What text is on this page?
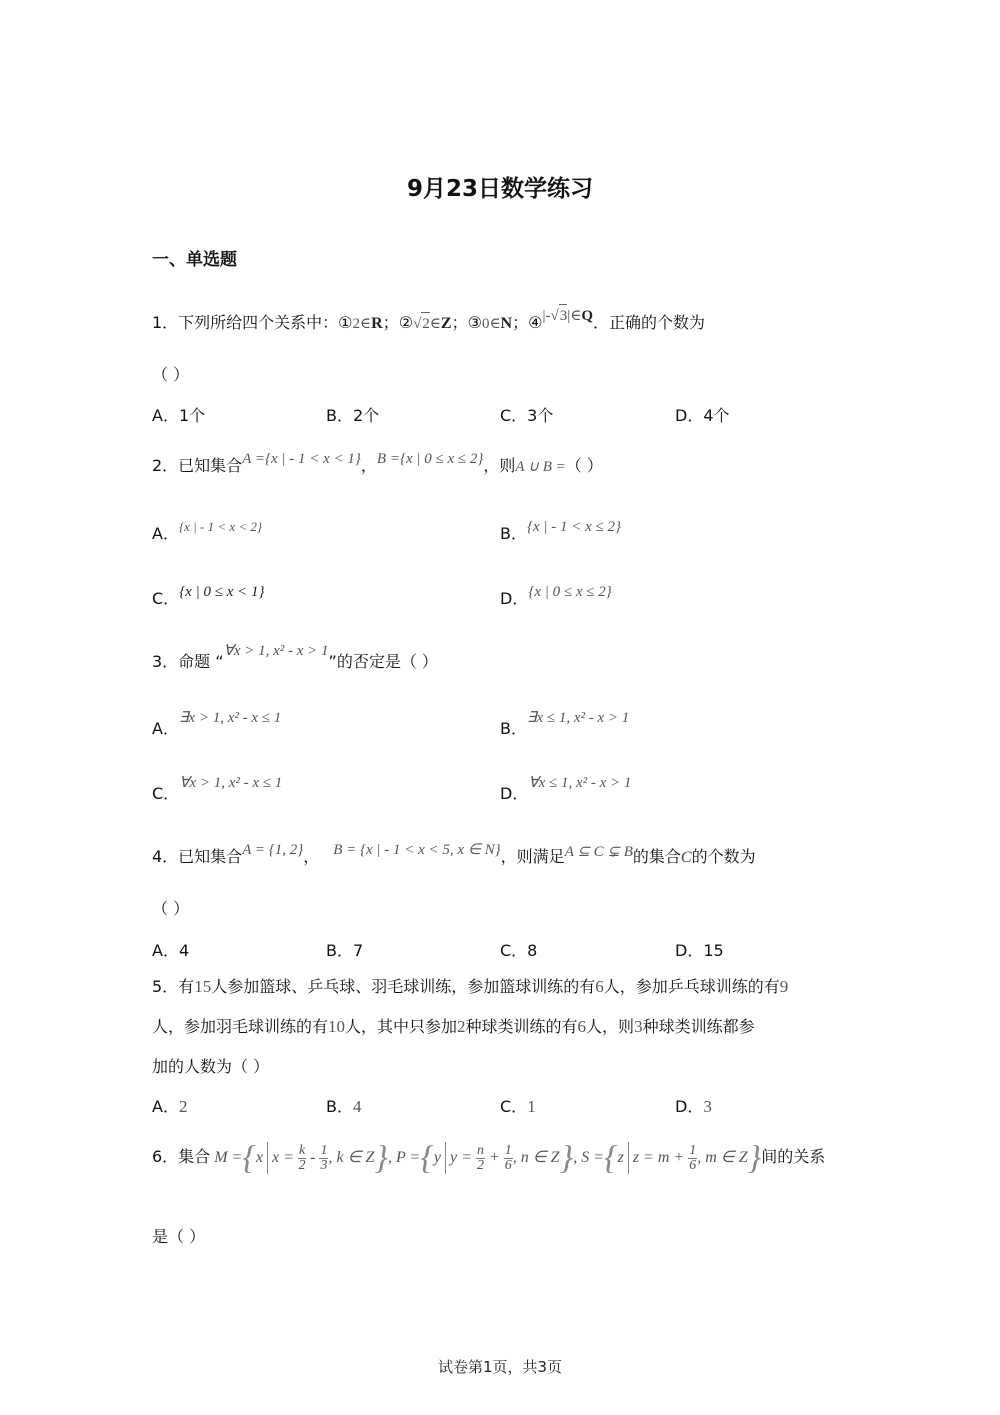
9月23日数学练习
一、单选题
1．下列所给四个关系中：①2∈R；②√2∈Z；③0∈N；④|-√3|∈Q．正确的个数为
（ ）
A．1个	B．2个	C．3个	D．4个
2．已知集合A ={x | - 1 < x < 1}，B ={x | 0 ≤ x ≤ 2}，则A ∪ B =（ ）
A．$^{\{x | - 1 < x < 2\}}$	B．{x | - 1 < x ≤ 2}
C．{x | 0 ≤ x < 1}	D．{x | 0 ≤ x ≤ 2}
3．命题 “∀x > 1, x² - x > 1”的否定是（ ）
A．∃x > 1, x² - x ≤ 1
B．∃x ≤ 1, x² - x > 1
C．∀x > 1, x² - x ≤ 1
D．∀x ≤ 1, x² - x > 1
4．已知集合A = {1, 2}， B = {x | - 1 < x < 5, x ∈ N}，则满足A ⊆ C ⊊ B的集合C的个数为
（ ）
A．4	B．7	C．8	D．15
5．有15人参加篮球、乒乓球、羽毛球训练，参加篮球训练的有6人，参加乒乓球训练的有9
人，参加羽毛球训练的有10人，其中只参加2种球类训练的有6人，则3种球类训练都参
加的人数为（ ）
A．2	B．4	C．1	D．3
6．集合 M ={x $x = \frac{k}{2} - \frac{1}{3}$ , k ∈ Z}, P ={y $y = \frac{n}{2} + \frac{1}{6}$ , n ∈ Z}, S ={z $z = m + \frac{1}{6}$ , m ∈ Z}间的关系
是（ ）
试卷第1页，共3页
